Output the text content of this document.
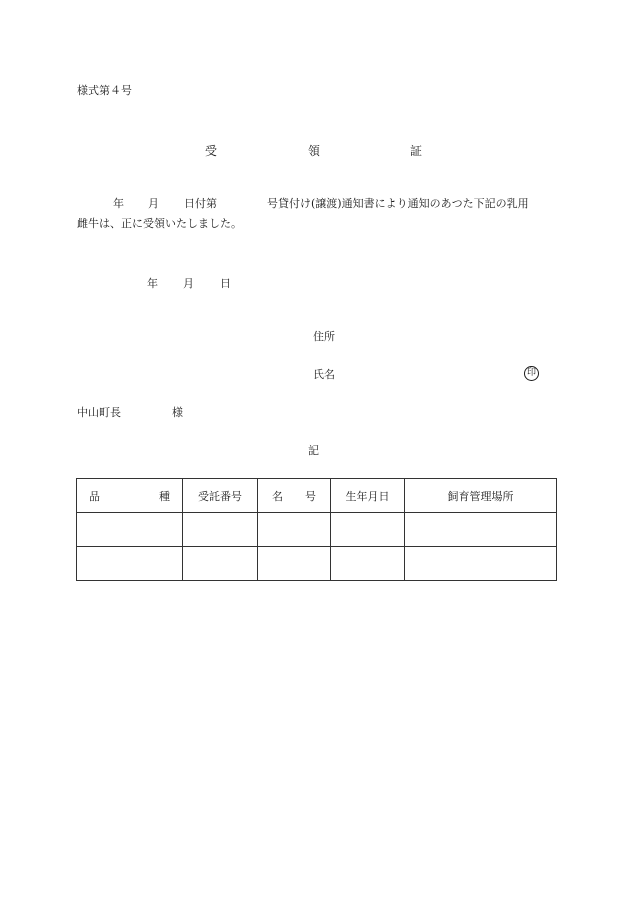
様式第４号
受	領	証
年 月 日付第	号貸付け(譲渡)通知書により通知のあつた下記の乳用
雌牛は、正に受領いたしました。
年 月 日
住所
氏名	印
中山町長	様
記
品 種	受託番号	名 号	生年月日	飼育管理場所
